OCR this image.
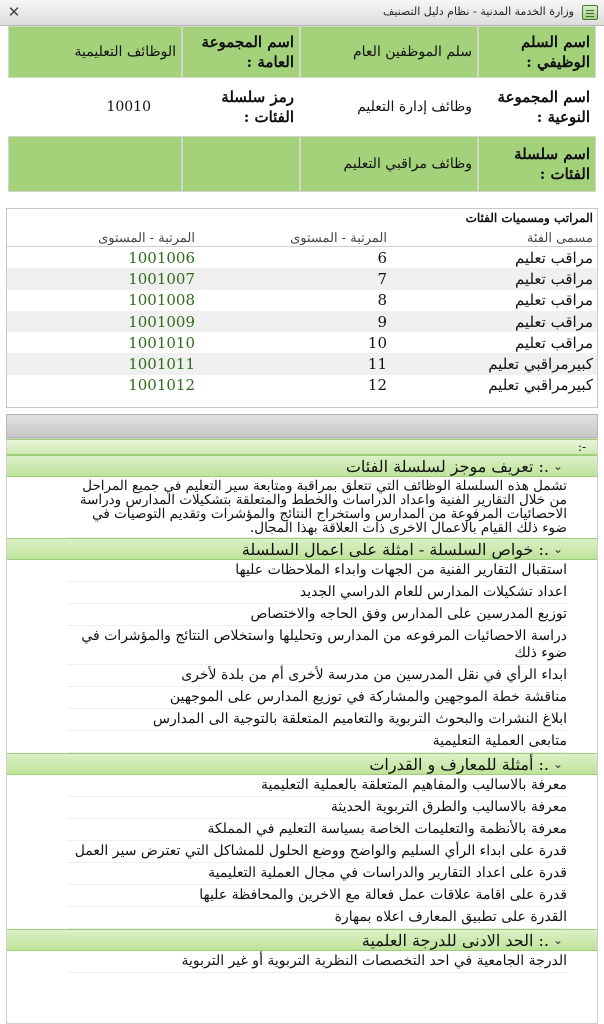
وزارة الخدمة المدنية - نظام دليل التصنيف
✕
اسم السلم الوظيفي :
سلم الموظفين العام
اسم المجموعة العامة :
الوظائف التعليمية
اسم المجموعة النوعية :
وظائف إدارة التعليم
رمز سلسلة الفئات :
10010
اسم سلسلة الفئات :
وظائف مراقبي التعليم
المراتب ومسميات الفئات
مسمى الفئة
المرتبة - المستوى
المرتبة - المستوى
مراقب تعليم
6
1001006
مراقب تعليم
7
1001007
مراقب تعليم
8
1001008
مراقب تعليم
9
1001009
مراقب تعليم
10
1001010
كبيرمراقبي تعليم
11
1001011
كبيرمراقبي تعليم
12
1001012
-:
⌄
.: تعريف موجز لسلسلة الفئات
تشمل هذه السلسلة الوظائف التي تتعلق بمراقبة ومتابعة سير التعليم في جميع المراحل من خلال التقارير الفنية واعداد الدراسات والخطط والمتعلقة بتشكيلات المدارس ودراسة الاحصائيات المرفوعة من المدارس واستخراج النتائج والمؤشرات وتقديم التوصيات في ضوء ذلك القيام بالاعمال الاخرى ذات العلاقة بهذا المجال.
⌄
.: خواص السلسلة - امثلة على اعمال السلسلة
استقبال التقارير الفنية من الجهات وابداء الملاحظات عليها
اعداد تشكيلات المدارس للعام الدراسي الجديد
توزيع المدرسين على المدارس وفق الحاجه والاختصاص
دراسة الاحصائيات المرفوعه من المدارس وتحليلها واستخلاص النتائج والمؤشرات في ضوء ذلك
ابداء الرأي في نقل المدرسين من مدرسة لأخرى أم من بلدة لأخرى
مناقشة خطة الموجهين والمشاركة في توزيع المدارس على الموجهين
ابلاغ النشرات والبحوث التربوية والتعاميم المتعلقة بالتوجية الى المدارس
متابعى العملية التعليمية
⌄
.: أمثلة للمعارف و القدرات
معرفة بالاساليب والمفاهيم المتعلقة بالعملية التعليمية
معرفة بالاساليب والطرق التربوية الحديثة
معرفة بالأنظمة والتعليمات الخاصة بسياسة التعليم في المملكة
قدرة على ابداء الرأي السليم والواضح ووضع الحلول للمشاكل التي تعترض سير العمل
قدرة على اعداد التقارير والدراسات في مجال العملية التعليمية
قدرة على اقامة علاقات عمل فعالة مع الاخرين والمحافظة عليها
القدرة على تطبيق المعارف اعلاه بمهارة
⌄
.: الحد الادنى للدرجة العلمية
الدرجة الجامعية في احد التخصصات النظرية التربوية أو غير التربوية
